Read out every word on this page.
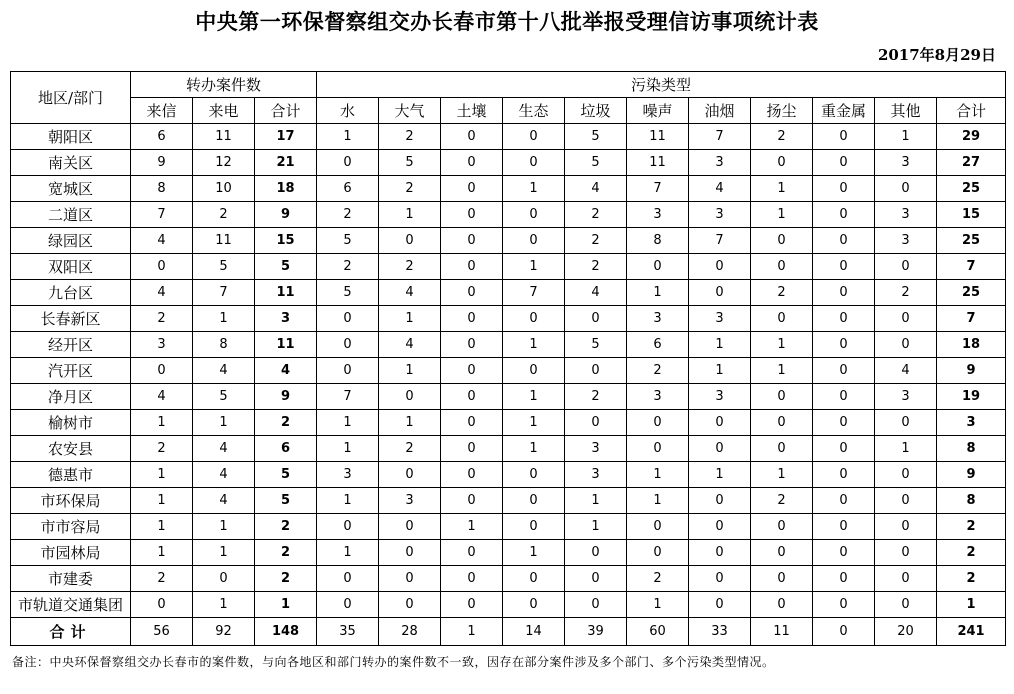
中央第一环保督察组交办长春市第十八批举报受理信访事项统计表
2017年8月29日
地区/部门	转办案件数			污染类型										
	来信	来电	合计	水	大气	土壤	生态	垃圾	噪声	油烟	扬尘	重金属	其他	合计
朝阳区	6	11	17	1	2	0	0	5	11	7	2	0	1	29
南关区	9	12	21	0	5	0	0	5	11	3	0	0	3	27
宽城区	8	10	18	6	2	0	1	4	7	4	1	0	0	25
二道区	7	2	9	2	1	0	0	2	3	3	1	0	3	15
绿园区	4	11	15	5	0	0	0	2	8	7	0	0	3	25
双阳区	0	5	5	2	2	0	1	2	0	0	0	0	0	7
九台区	4	7	11	5	4	0	7	4	1	0	2	0	2	25
长春新区	2	1	3	0	1	0	0	0	3	3	0	0	0	7
经开区	3	8	11	0	4	0	1	5	6	1	1	0	0	18
汽开区	0	4	4	0	1	0	0	0	2	1	1	0	4	9
净月区	4	5	9	7	0	0	1	2	3	3	0	0	3	19
榆树市	1	1	2	1	1	0	1	0	0	0	0	0	0	3
农安县	2	4	6	1	2	0	1	3	0	0	0	0	1	8
德惠市	1	4	5	3	0	0	0	3	1	1	1	0	0	9
市环保局	1	4	5	1	3	0	0	1	1	0	2	0	0	8
市市容局	1	1	2	0	0	1	0	1	0	0	0	0	0	2
市园林局	1	1	2	1	0	0	1	0	0	0	0	0	0	2
市建委	2	0	2	0	0	0	0	0	2	0	0	0	0	2
市轨道交通集团	0	1	1	0	0	0	0	0	1	0	0	0	0	1
合计	56	92	148	35	28	1	14	39	60	33	11	0	20	241
备注：中央环保督察组交办长春市的案件数，与向各地区和部门转办的案件数不一致，因存在部分案件涉及多个部门、多个污染类型情况。
